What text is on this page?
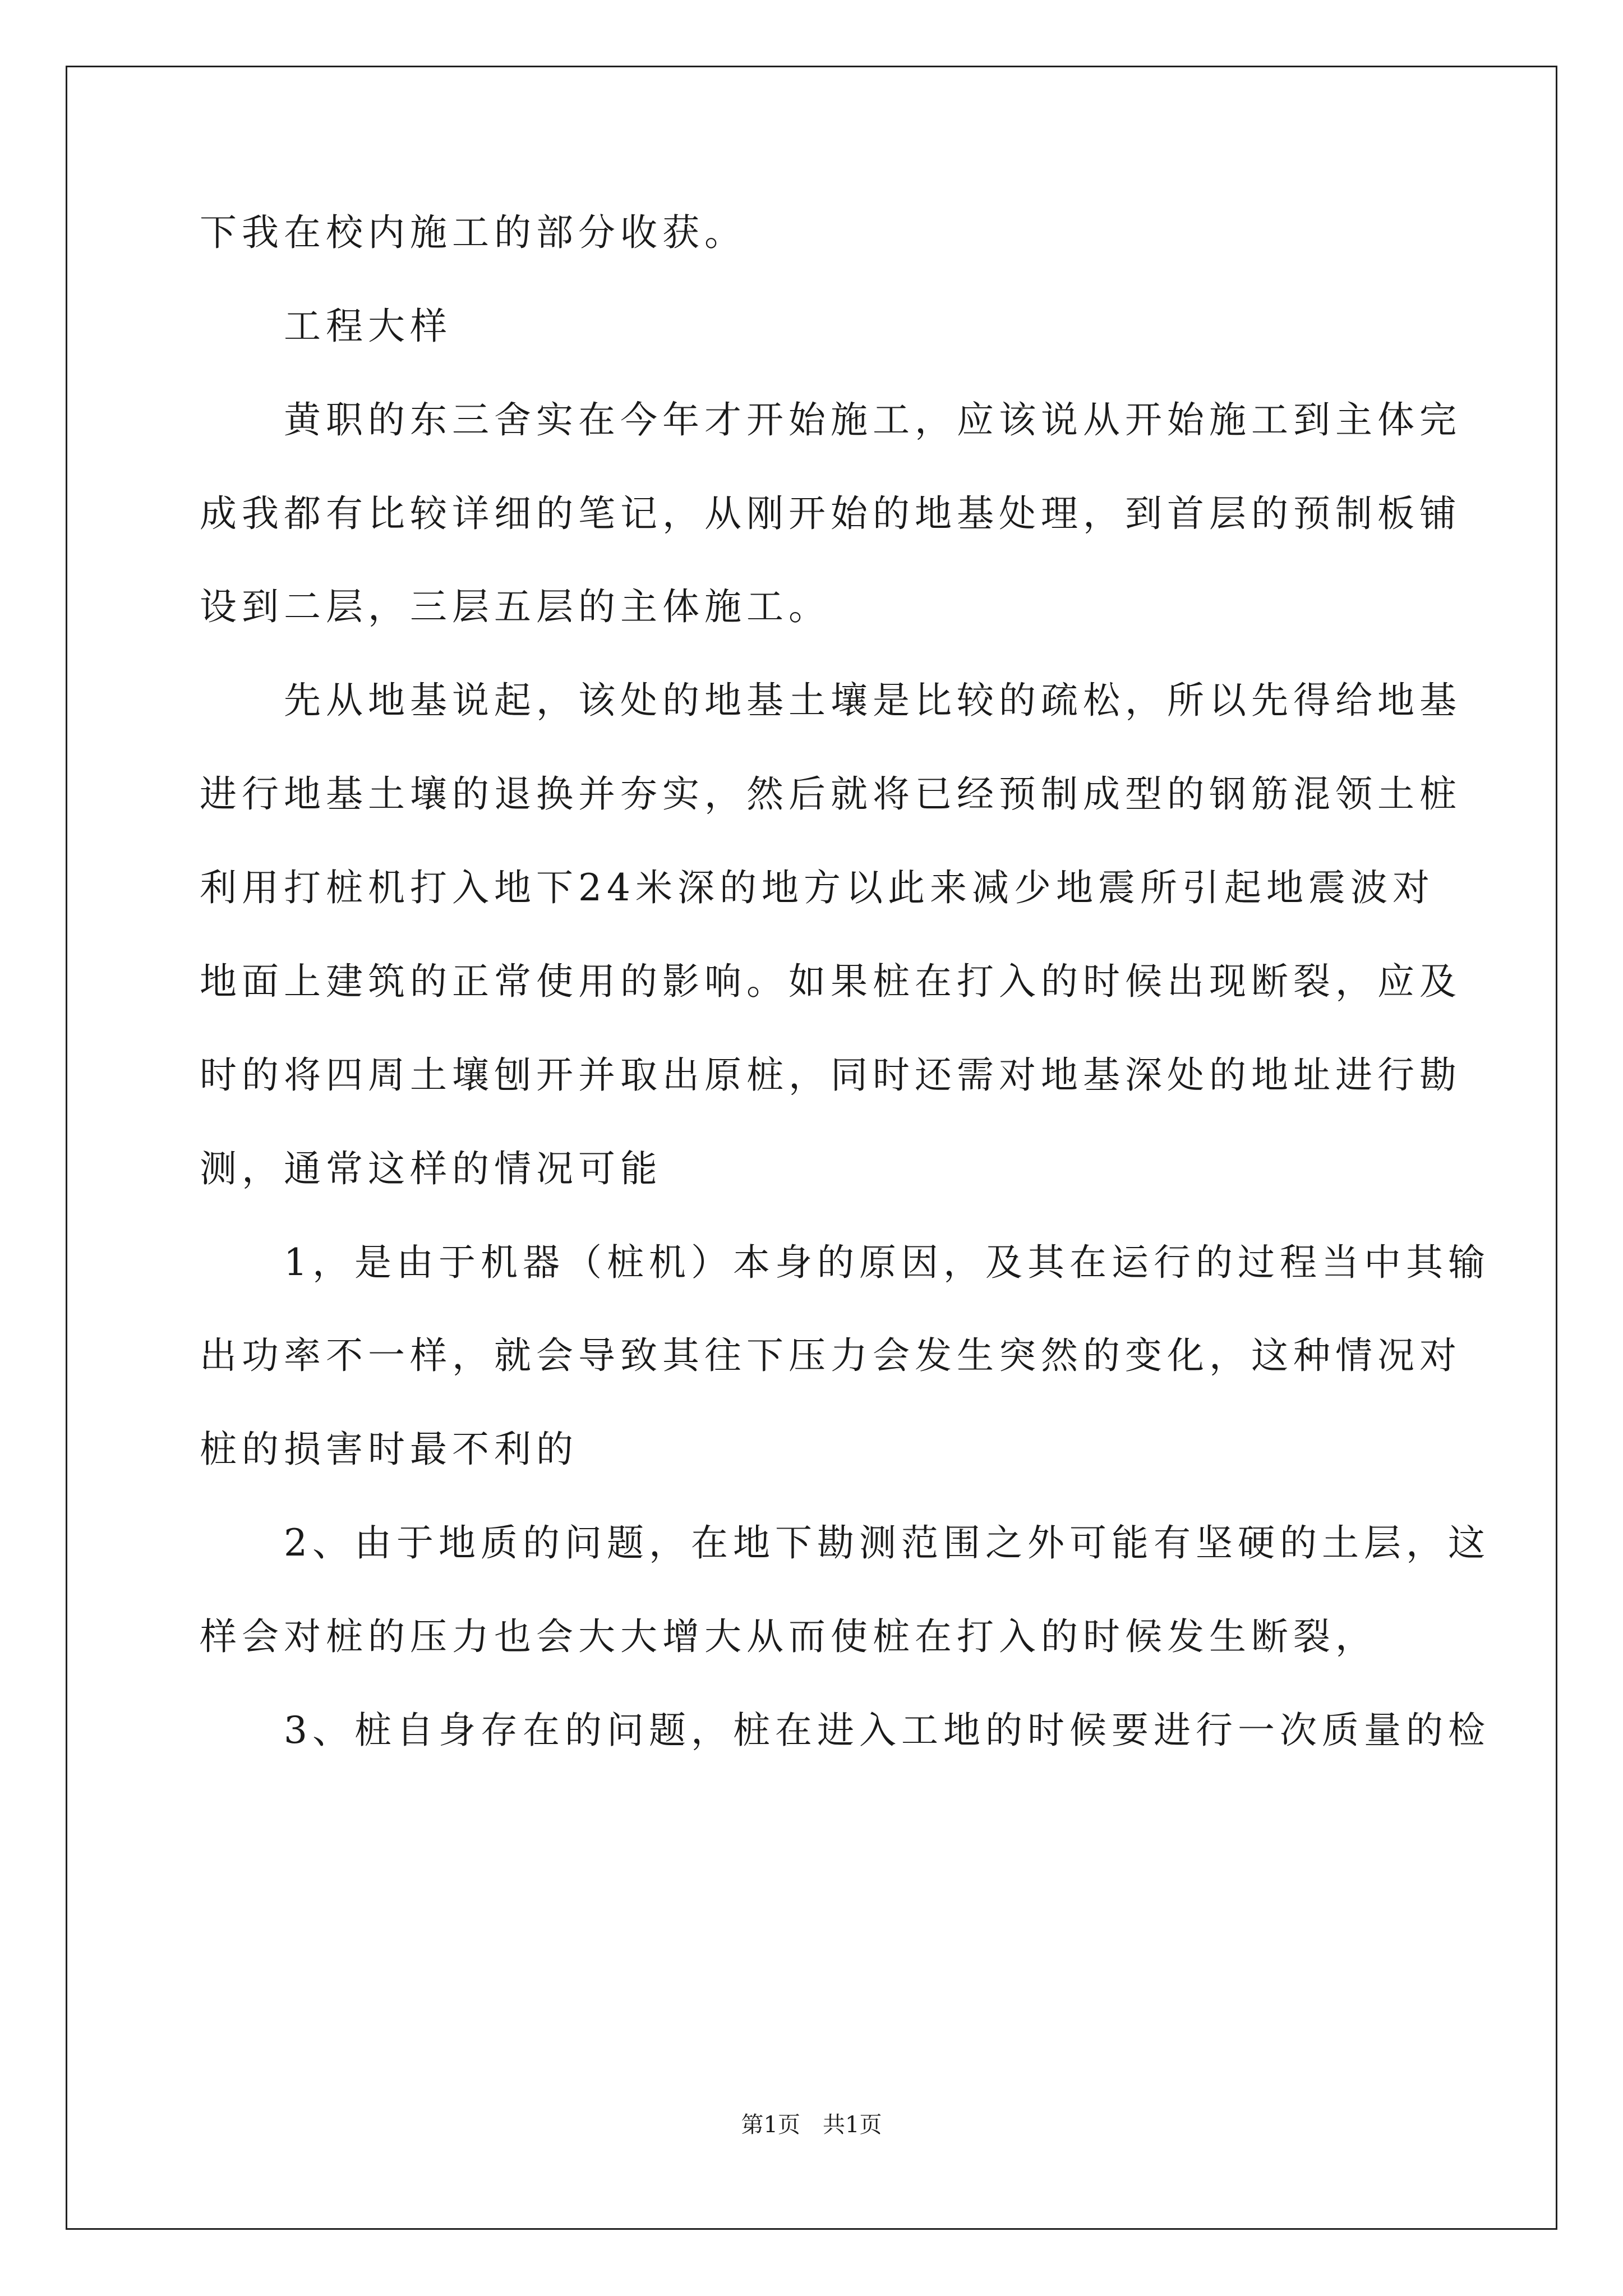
下我在校内施工的部分收获。
　　工程大样
　　黄职的东三舍实在今年才开始施工，应该说从开始施工到主体完
成我都有比较详细的笔记，从刚开始的地基处理，到首层的预制板铺
设到二层，三层五层的主体施工。
　　先从地基说起，该处的地基土壤是比较的疏松，所以先得给地基
进行地基土壤的退换并夯实，然后就将已经预制成型的钢筋混领土桩
利用打桩机打入地下24米深的地方以此来减少地震所引起地震波对
地面上建筑的正常使用的影响。如果桩在打入的时候出现断裂，应及
时的将四周土壤刨开并取出原桩，同时还需对地基深处的地址进行勘
测，通常这样的情况可能
　　1，是由于机器（桩机）本身的原因，及其在运行的过程当中其输
出功率不一样，就会导致其往下压力会发生突然的变化，这种情况对
桩的损害时最不利的
　　2、由于地质的问题，在地下勘测范围之外可能有坚硬的土层，这
样会对桩的压力也会大大增大从而使桩在打入的时候发生断裂，
　　3、桩自身存在的问题，桩在进入工地的时候要进行一次质量的检
第1页 共1页
